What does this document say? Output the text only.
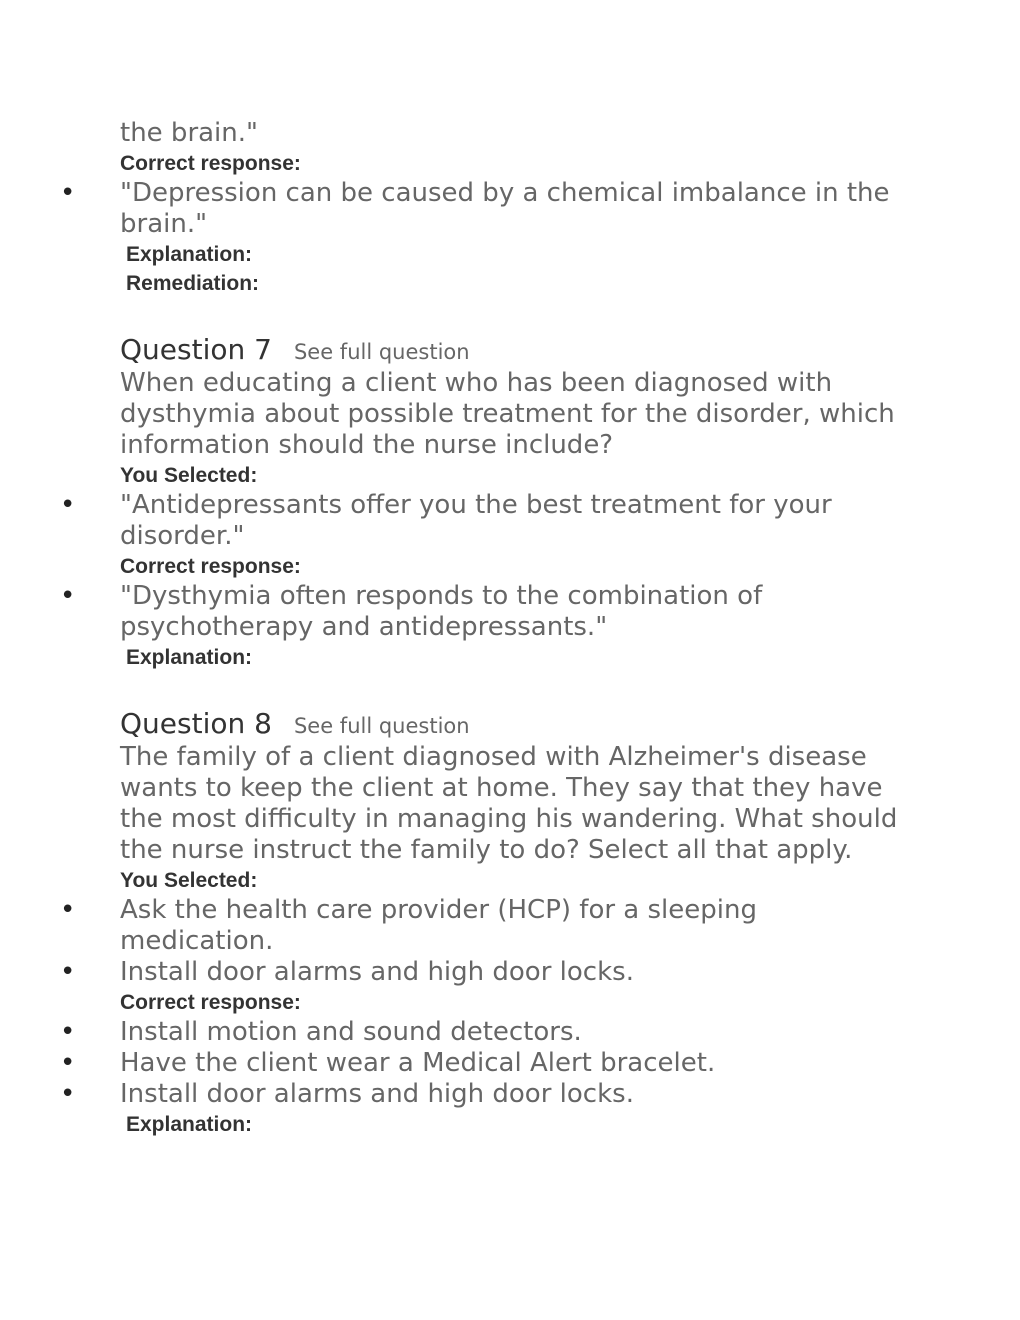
the brain."

Correct response:
• "Depression can be caused by a chemical imbalance in the brain."

Explanation:
Remediation:
Question 7 See full question

When educating a client who has been diagnosed with dysthymia about possible treatment for the disorder, which information should the nurse include?

You Selected:
• "Antidepressants offer you the best treatment for your disorder."

Correct response:
• "Dysthymia often responds to the combination of psychotherapy and antidepressants."

Explanation:
Question 8 See full question

The family of a client diagnosed with Alzheimer's disease wants to keep the client at home. They say that they have the most difficulty in managing his wandering. What should the nurse instruct the family to do? Select all that apply.

You Selected:
• Ask the health care provider (HCP) for a sleeping medication.

• Install door alarms and high door locks.

Correct response:
• Install motion and sound detectors.

• Have the client wear a Medical Alert bracelet.

• Install door alarms and high door locks.

Explanation:
